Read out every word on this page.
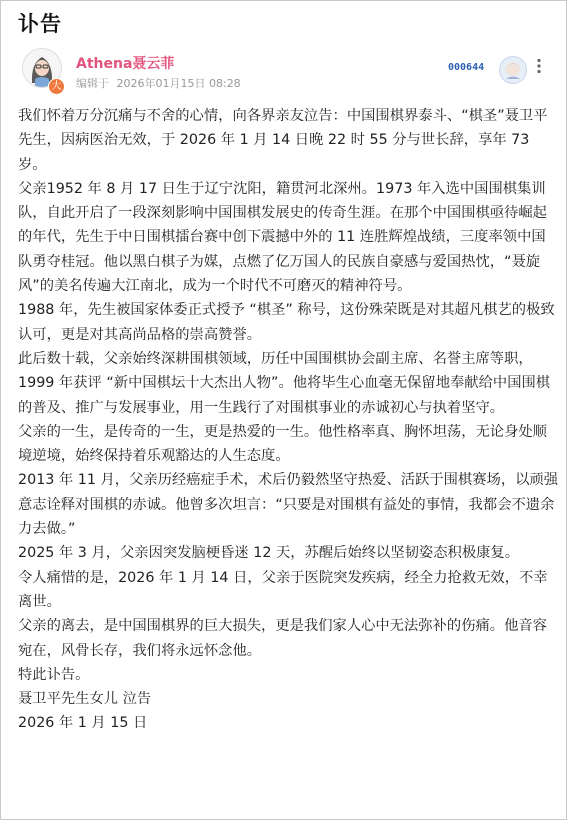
讣告
大
Athena聂云菲
编辑于 2026年01月15日 08:28
000644

我们怀着万分沉痛与不舍的心情，向各界亲友泣告：中国围棋界泰斗、“棋圣”聂卫平先生，因病医治无效，于 2026 年 1 月 14 日晚 22 时 55 分与世长辞，享年 73 岁。

父亲1952 年 8 月 17 日生于辽宁沈阳，籍贯河北深州。1973 年入选中国围棋集训队，自此开启了一段深刻影响中国围棋发展史的传奇生涯。在那个中国围棋亟待崛起的年代，先生于中日围棋擂台赛中创下震撼中外的 11 连胜辉煌战绩，三度率领中国队勇夺桂冠。他以黑白棋子为媒，点燃了亿万国人的民族自豪感与爱国热忱，“聂旋风”的美名传遍大江南北，成为一个时代不可磨灭的精神符号。

1988 年，先生被国家体委正式授予 “棋圣” 称号，这份殊荣既是对其超凡棋艺的极致认可，更是对其高尚品格的崇高赞誉。

此后数十载，父亲始终深耕围棋领域，历任中国围棋协会副主席、名誉主席等职，1999 年获评 “新中国棋坛十大杰出人物”。他将毕生心血毫无保留地奉献给中国围棋的普及、推广与发展事业，用一生践行了对围棋事业的赤诚初心与执着坚守。

父亲的一生，是传奇的一生，更是热爱的一生。他性格率真、胸怀坦荡，无论身处顺境逆境，始终保持着乐观豁达的人生态度。

2013 年 11 月，父亲历经癌症手术，术后仍毅然坚守热爱、活跃于围棋赛场，以顽强意志诠释对围棋的赤诚。他曾多次坦言：“只要是对围棋有益处的事情，我都会不遗余力去做。”

2025 年 3 月，父亲因突发脑梗昏迷 12 天，苏醒后始终以坚韧姿态积极康复。

令人痛惜的是，2026 年 1 月 14 日，父亲于医院突发疾病，经全力抢救无效，不幸离世。

父亲的离去，是中国围棋界的巨大损失，更是我们家人心中无法弥补的伤痛。他音容宛在，风骨长存，我们将永远怀念他。

特此讣告。

聂卫平先生女儿 泣告

2026 年 1 月 15 日
